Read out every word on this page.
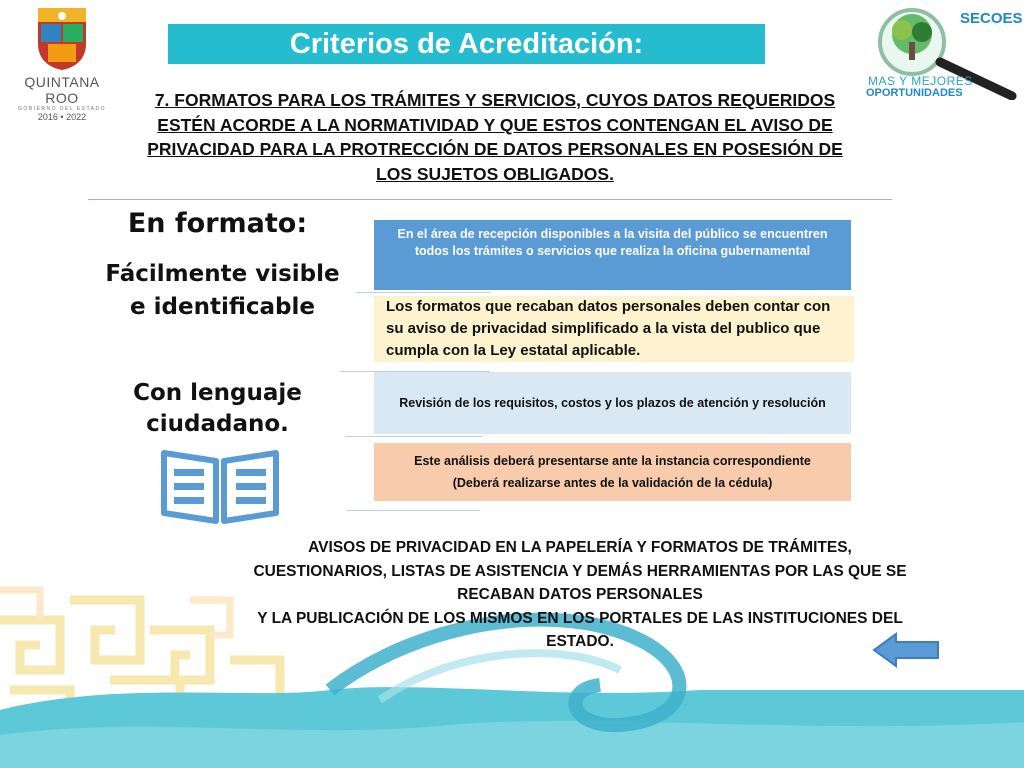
QUINTANA ROO
GOBIERNO DEL ESTADO
2016 • 2022
SECOES
MAS Y MEJORES
OPORTUNIDADES
Criterios de Acreditación:
7. FORMATOS PARA LOS TRÁMITES Y SERVICIOS, CUYOS DATOS REQUERIDOS ESTÉN ACORDE A LA NORMATIVIDAD Y QUE ESTOS CONTENGAN EL AVISO DE PRIVACIDAD PARA LA PROTRECCIÓN DE DATOS PERSONALES EN POSESIÓN DE LOS SUJETOS OBLIGADOS.
En formato:
Fácilmente visible
e identificable
Con lenguaje
ciudadano.
En el área de recepción disponibles a la visita del público se encuentren todos los trámites o servicios que realiza la oficina gubernamental
Los formatos que recaban datos personales deben contar con su aviso de privacidad simplificado a la vista del publico que cumpla con la Ley estatal aplicable.
Revisión de los requisitos, costos y los plazos de atención y resolución
Este análisis deberá presentarse ante la instancia correspondiente
(Deberá realizarse antes de la validación de la cédula)
AVISOS DE PRIVACIDAD EN LA PAPELERÍA Y FORMATOS DE TRÁMITES,
CUESTIONARIOS, LISTAS DE ASISTENCIA Y DEMÁS HERRAMIENTAS POR LAS QUE SE
RECABAN DATOS PERSONALES
Y LA PUBLICACIÓN DE LOS MISMOS EN LOS PORTALES DE LAS INSTITUCIONES DEL
ESTADO.
